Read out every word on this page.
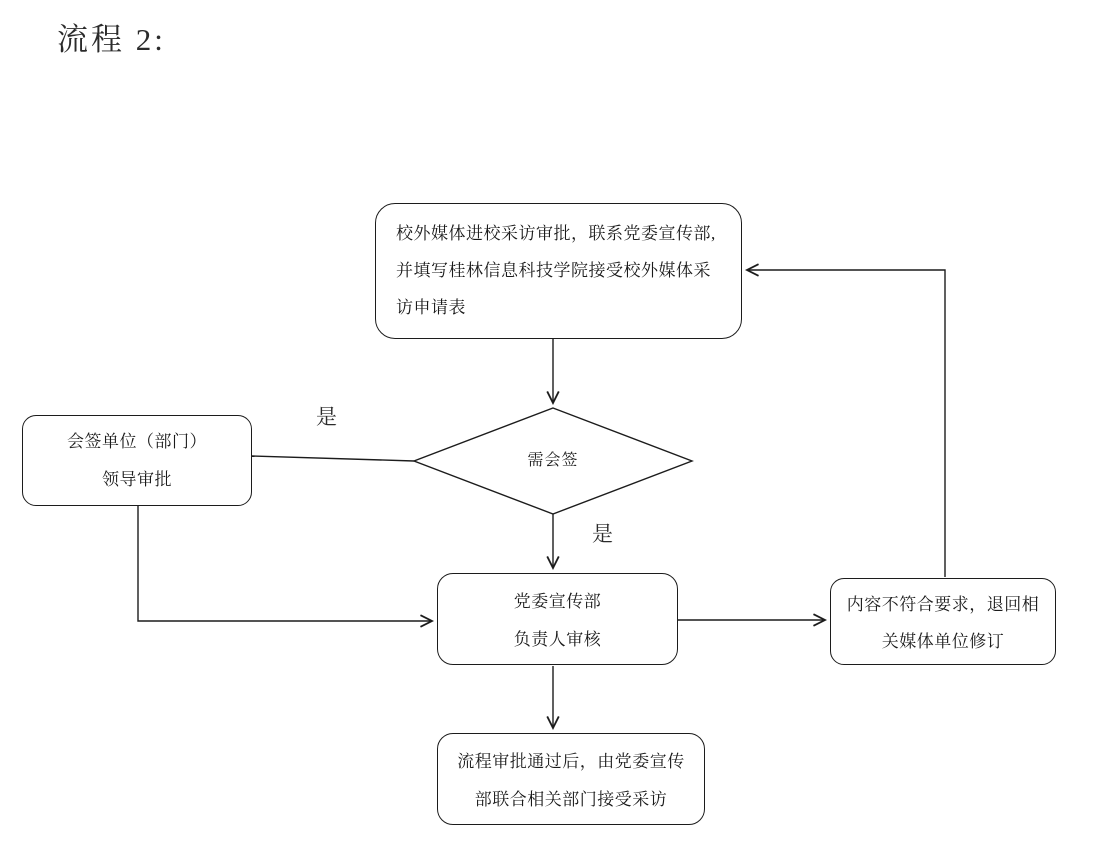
流程 2:
校外媒体进校采访审批，联系党委宣传部,
并填写桂林信息科技学院接受校外媒体采
访申请表
需会签
会签单位（部门）
领导审批
党委宣传部
负责人审核
内容不符合要求，退回相
关媒体单位修订
流程审批通过后，由党委宣传
部联合相关部门接受采访
是
是
